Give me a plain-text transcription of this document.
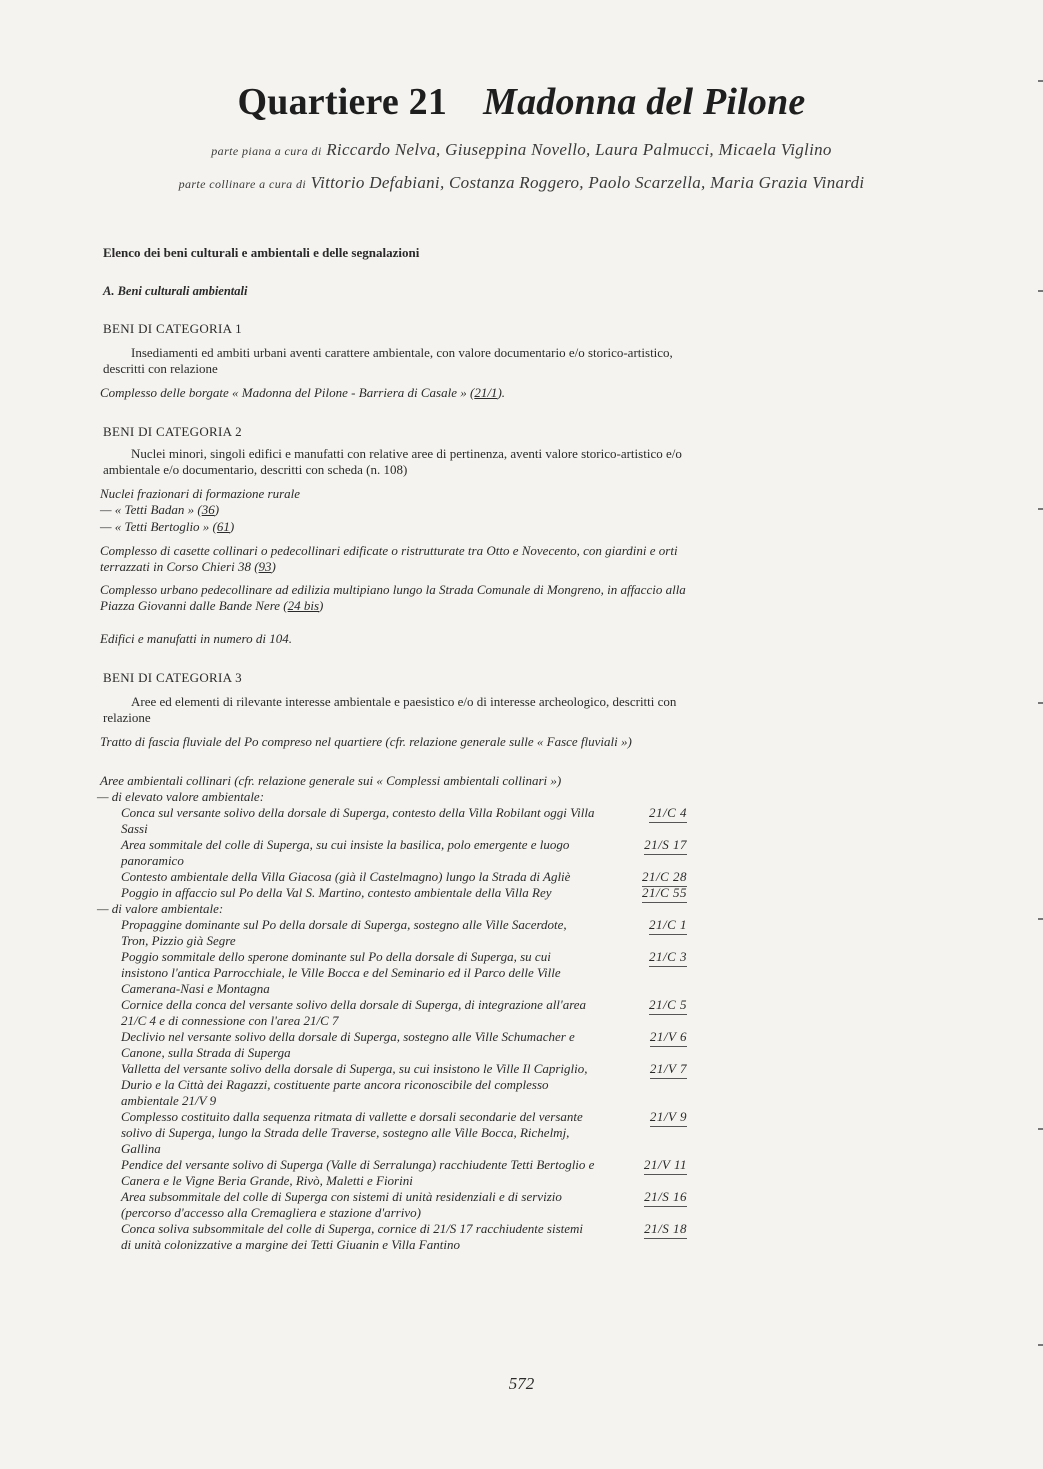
Quartiere 21 Madonna del Pilone
parte piana a cura di Riccardo Nelva, Giuseppina Novello, Laura Palmucci, Micaela Viglino
parte collinare a cura di Vittorio Defabiani, Costanza Roggero, Paolo Scarzella, Maria Grazia Vinardi
Elenco dei beni culturali e ambientali e delle segnalazioni
A. Beni culturali ambientali
BENI DI CATEGORIA 1
Insediamenti ed ambiti urbani aventi carattere ambientale, con valore documentario e/o storico-artistico, descritti con relazione
Complesso delle borgate « Madonna del Pilone - Barriera di Casale » (21/1).
BENI DI CATEGORIA 2
Nuclei minori, singoli edifici e manufatti con relative aree di pertinenza, aventi valore storico-artistico e/o ambientale e/o documentario, descritti con scheda (n. 108)
Nuclei frazionari di formazione rurale
— « Tetti Badan » (36)
— « Tetti Bertoglio » (61)
Complesso di casette collinari o pedecollinari edificate o ristrutturate tra Otto e Novecento, con giardini e orti terrazzati in Corso Chieri 38 (93)
Complesso urbano pedecollinare ad edilizia multipiano lungo la Strada Comunale di Mongreno, in affaccio alla Piazza Giovanni dalle Bande Nere (24 bis)
Edifici e manufatti in numero di 104.
BENI DI CATEGORIA 3
Aree ed elementi di rilevante interesse ambientale e paesistico e/o di interesse archeologico, descritti con relazione
Tratto di fascia fluviale del Po compreso nel quartiere (cfr. relazione generale sulle « Fasce fluviali »)
Aree ambientali collinari (cfr. relazione generale sui « Complessi ambientali collinari »)
— di elevato valore ambientale:
Conca sul versante solivo della dorsale di Superga, contesto della Villa Robilant oggi Villa Sassi
21/C 4
Area sommitale del colle di Superga, su cui insiste la basilica, polo emergente e luogo panoramico
21/S 17
Contesto ambientale della Villa Giacosa (già il Castelmagno) lungo la Strada di Agliè	21/C 28
Poggio in affaccio sul Po della Val S. Martino, contesto ambientale della Villa Rey	21/C 55
— di valore ambientale:
Propaggine dominante sul Po della dorsale di Superga, sostegno alle Ville Sacerdote, Tron, Pizzio già Segre
21/C 1
Poggio sommitale dello sperone dominante sul Po della dorsale di Superga, su cui insistono l'antica Parrocchiale, le Ville Bocca e del Seminario ed il Parco delle Ville Camerana-Nasi e Montagna
21/C 3
Cornice della conca del versante solivo della dorsale di Superga, di integrazione all'area 21/C 4 e di connessione con l'area 21/C 7
21/C 5
Declivio nel versante solivo della dorsale di Superga, sostegno alle Ville Schumacher e Canone, sulla Strada di Superga
21/V 6
Valletta del versante solivo della dorsale di Superga, su cui insistono le Ville Il Capriglio, Durio e la Città dei Ragazzi, costituente parte ancora riconoscibile del complesso ambientale 21/V 9
21/V 7
Complesso costituito dalla sequenza ritmata di vallette e dorsali secondarie del versante solivo di Superga, lungo la Strada delle Traverse, sostegno alle Ville Bocca, Richelmj, Gallina
21/V 9
Pendice del versante solivo di Superga (Valle di Serralunga) racchiudente Tetti Bertoglio e Canera e le Vigne Beria Grande, Rivò, Maletti e Fiorini
21/V 11
Area subsommitale del colle di Superga con sistemi di unità residenziali e di servizio (percorso d'accesso alla Cremagliera e stazione d'arrivo)
21/S 16
Conca soliva subsommitale del colle di Superga, cornice di 21/S 17 racchiudente sistemi di unità colonizzative a margine dei Tetti Giuanin e Villa Fantino
21/S 18
572
